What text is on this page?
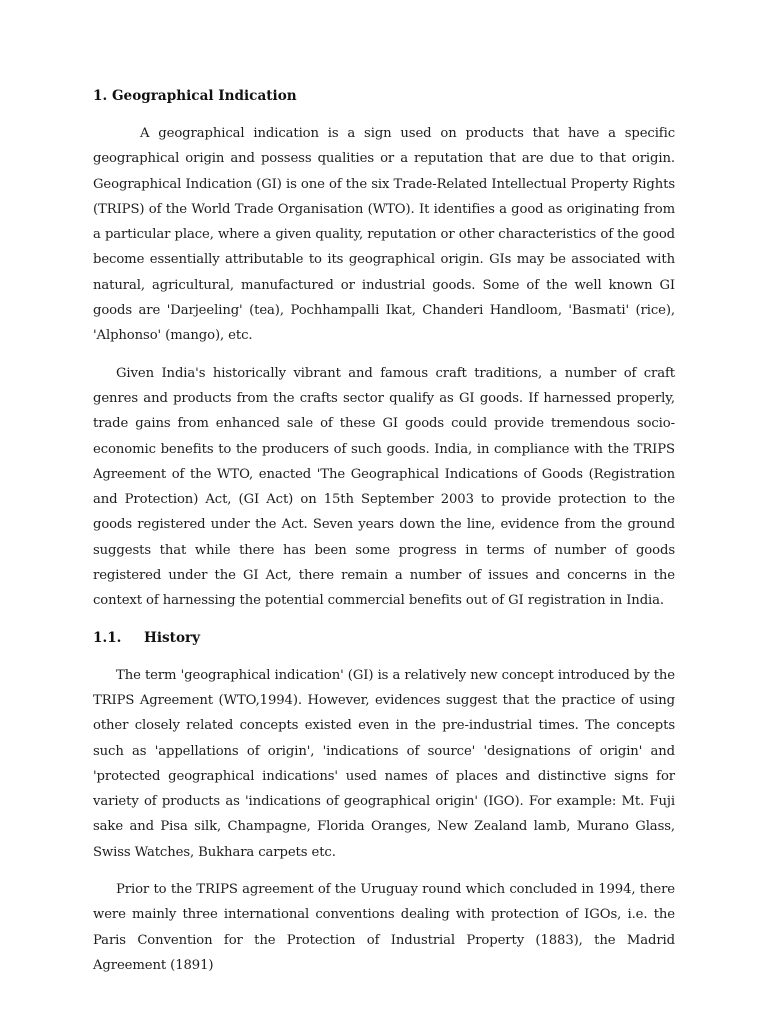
1. Geographical Indication

A geographical indication is a sign used on products that have a specific geographical origin and possess qualities or a reputation that are due to that origin. Geographical Indication (GI) is one of the six Trade-Related Intellectual Property Rights (TRIPS) of the World Trade Organisation (WTO). It identifies a good as originating from a particular place, where a given quality, reputation or other characteristics of the good become essentially attributable to its geographical origin. GIs may be associated with natural, agricultural, manufactured or industrial goods. Some of the well known GI goods are 'Darjeeling' (tea), Pochhampalli Ikat, Chanderi Handloom, 'Basmati' (rice), 'Alphonso' (mango), etc.

Given India's historically vibrant and famous craft traditions, a number of craft genres and products from the crafts sector qualify as GI goods. If harnessed properly, trade gains from enhanced sale of these GI goods could provide tremendous socio-economic benefits to the producers of such goods. India, in compliance with the TRIPS Agreement of the WTO, enacted 'The Geographical Indications of Goods (Registration and Protection) Act, (GI Act) on 15th September 2003 to provide protection to the goods registered under the Act. Seven years down the line, evidence from the ground suggests that while there has been some progress in terms of number of goods registered under the GI Act, there remain a number of issues and concerns in the context of harnessing the potential commercial benefits out of GI registration in India.

1.1. History

The term 'geographical indication' (GI) is a relatively new concept introduced by the TRIPS Agreement (WTO,1994). However, evidences suggest that the practice of using other closely related concepts existed even in the pre-industrial times. The concepts such as 'appellations of origin', 'indications of source' 'designations of origin' and 'protected geographical indications' used names of places and distinctive signs for variety of products as 'indications of geographical origin' (IGO). For example: Mt. Fuji sake and Pisa silk, Champagne, Florida Oranges, New Zealand lamb, Murano Glass, Swiss Watches, Bukhara carpets etc.

Prior to the TRIPS agreement of the Uruguay round which concluded in 1994, there were mainly three international conventions dealing with protection of IGOs, i.e. the Paris Convention for the Protection of Industrial Property (1883), the Madrid Agreement (1891)
